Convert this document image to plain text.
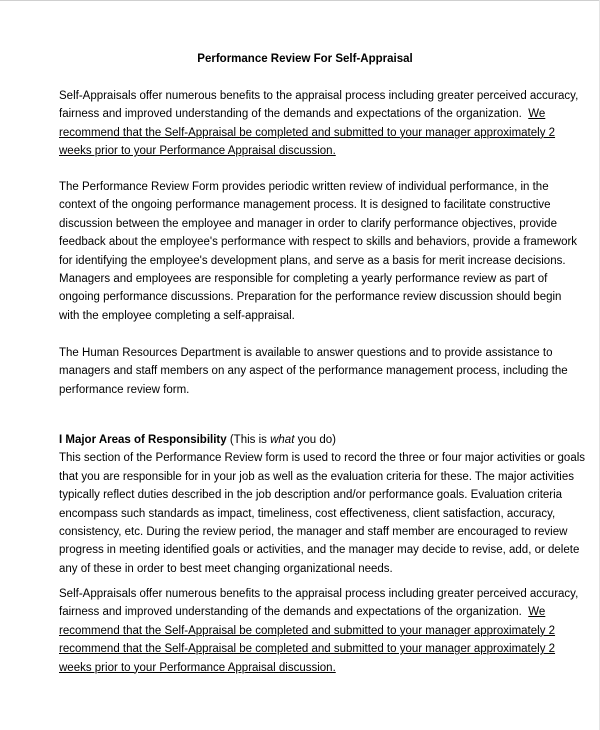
Performance Review For Self-Appraisal
Self-Appraisals offer numerous benefits to the appraisal process including greater perceived accuracy,
fairness and improved understanding of the demands and expectations of the organization. We
recommend that the Self-Appraisal be completed and submitted to your manager approximately 2
weeks prior to your Performance Appraisal discussion.
The Performance Review Form provides periodic written review of individual performance, in the
context of the ongoing performance management process. It is designed to facilitate constructive
discussion between the employee and manager in order to clarify performance objectives, provide
feedback about the employee's performance with respect to skills and behaviors, provide a framework
for identifying the employee's development plans, and serve as a basis for merit increase decisions.
Managers and employees are responsible for completing a yearly performance review as part of
ongoing performance discussions. Preparation for the performance review discussion should begin
with the employee completing a self-appraisal.
The Human Resources Department is available to answer questions and to provide assistance to
managers and staff members on any aspect of the performance management process, including the
performance review form.
I Major Areas of Responsibility (This is what you do)
This section of the Performance Review form is used to record the three or four major activities or goals
that you are responsible for in your job as well as the evaluation criteria for these. The major activities
typically reflect duties described in the job description and/or performance goals. Evaluation criteria
encompass such standards as impact, timeliness, cost effectiveness, client satisfaction, accuracy,
consistency, etc. During the review period, the manager and staff member are encouraged to review
progress in meeting identified goals or activities, and the manager may decide to revise, add, or delete
any of these in order to best meet changing organizational needs.
Self-Appraisals offer numerous benefits to the appraisal process including greater perceived accuracy,
fairness and improved understanding of the demands and expectations of the organization. We
recommend that the Self-Appraisal be completed and submitted to your manager approximately 2
recommend that the Self-Appraisal be completed and submitted to your manager approximately 2
weeks prior to your Performance Appraisal discussion.
